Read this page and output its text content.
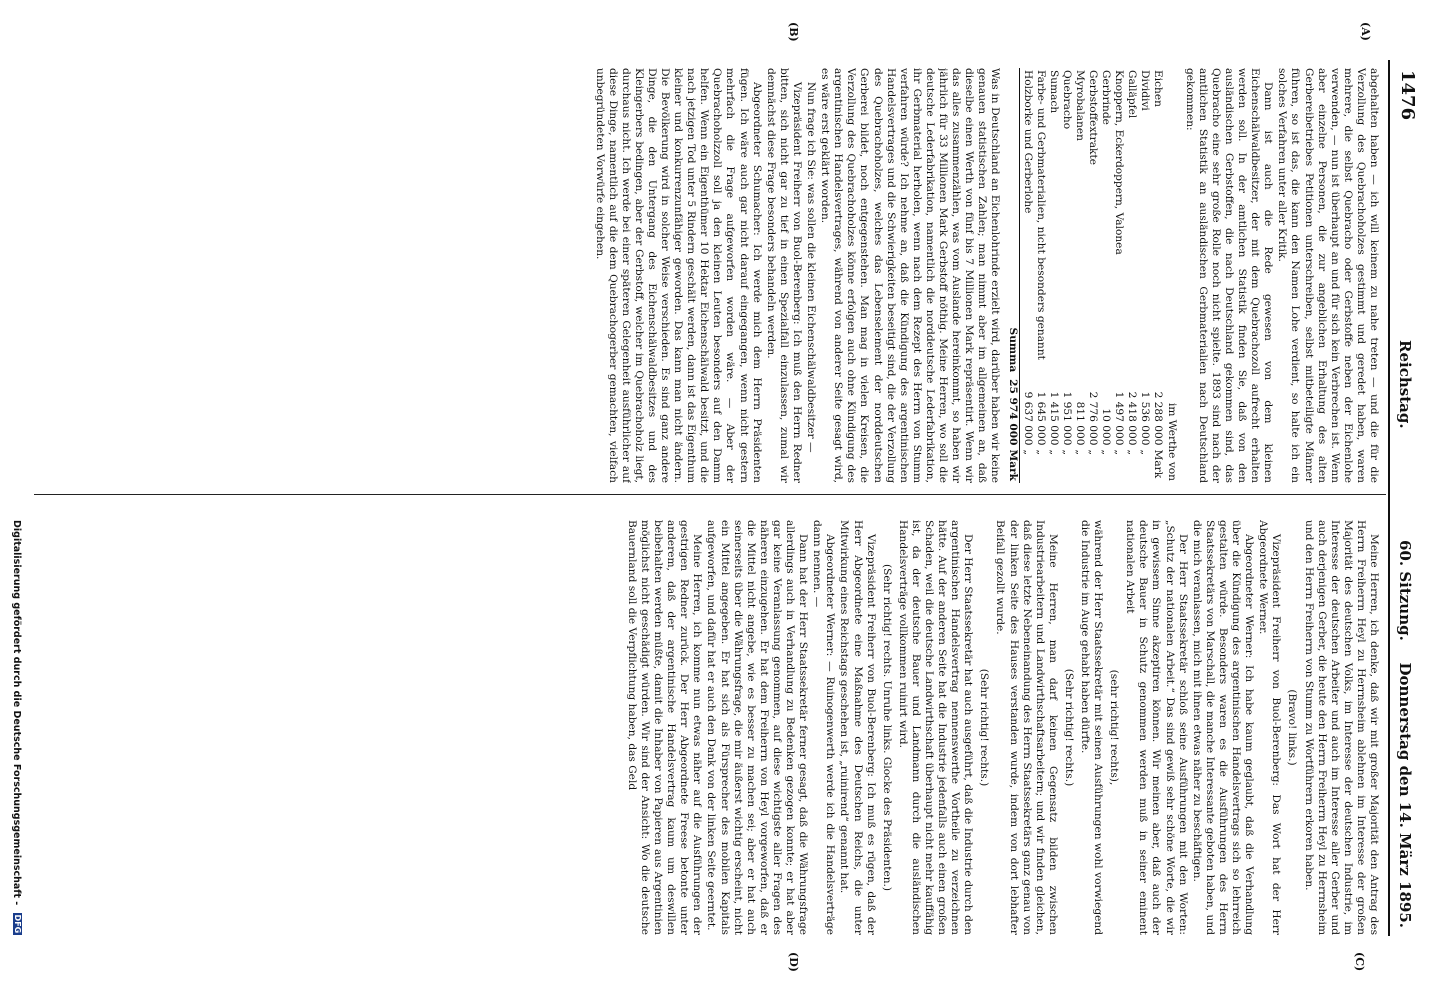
1476
Reichstag.
60. Sitzung.
Donnerstag den 14. März 1895.
(A)
(B)
(C)
(D)

abgehalten haben — ich will keinem zu nahe treten — und die für die Verzollung des Quebrachoholzes gestimmt und geredet haben, waren mehrere, die selbst Quebracho oder Gerbstoffe neben der Eichenlohe verwenden, — nun ist überhaupt an und für sich kein Verbrechen ist. Wenn aber einzelne Personen, die zur angeblichen Erhaltung des alten Gerbereibetriebes Petitionen unterschreiben, selbst mitbeteiligte Männer führen, so ist das, die kann den Namen Lohe verdient, so halte ich ein solches Verfahren unter aller Kritik.

Dann ist auch die Rede gewesen von dem kleinen Eichenschälwaldbesitzer, der mit dem Quebrachozoll aufrecht erhalten werden soll. In der amtlichen Statistik finden Sie, daß von den ausländischen Gerbstoffen, die nach Deutschland gekommen sind, das Quebracho eine sehr große Rolle noch nicht spielte. 1893 sind nach der amtlichen Statistik an ausländischen Gerbmaterialien nach Deutschland gekommen:

	im Werthe von	
Eichen	2 288 000	Mark
Dividivi	1 536 000	„
Galläpfel	2 418 000	„
Knoppern, Eckerdoppern, Valonea	1 497 000	„
Gerbrinde	10 000	„
Gerbstoffextrakte	2 776 000	„
Myrobalanen	811 000	„
Quebracho	1 951 000	„
Sumach	1 415 000	„
Farbe- und Gerbmaterialien, nicht besonders genannt	1 645 000	„
Holzborke und Gerberlohe	9 637 000	„
Summa	25 974 000	Mark

Was in Deutschland an Eichenlohrinde erzielt wird, darüber haben wir keine genauen statistischen Zahlen; man nimmt aber im allgemeinen an, daß dieselbe einen Werth von fünf bis 7 Millionen Mark repräsentirt. Wenn wir das alles zusammenzählen, was vom Auslande hereinkommt, so haben wir jährlich für 33 Millionen Mark Gerbstoff nöthig. Meine Herren, wo soll die deutsche Lederfabrikation, namentlich die norddeutsche Lederfabrikation, ihr Gerbmaterial herholen, wenn nach dem Rezept des Herrn von Stumm verfahren würde? Ich nehme an, daß die Kündigung des argentinischen Handelsvertrages und die Schwierigkeiten beseitigt sind, die der Verzollung des Quebrachoholzes, welches das Lebenselement der norddeutschen Gerberei bildet, noch entgegenstehen. Man mag in vielen Kreisen, die Verzollung des Quebrachoholzes könne erfolgen auch ohne Kündigung des argentinischen Handelsvertrages, während von anderer Seite gesagt wird, es wäre erst geklärt worden.

Nun frage ich Sie: was sollen die kleinen Eichenschälwaldbesitzer —

Vizepräsident Freiherr von Buol-Berenberg: Ich muß den Herrn Redner bitten, sich nicht gar zu tief in einen Spezialfall einzulassen, zumal wir demnächst diese Frage besonders behandeln werden.

Abgeordneter Schumacher: Ich werde mich dem Herrn Präsidenten fügen. Ich wäre auch gar nicht darauf eingegangen, wenn nicht gestern mehrfach die Frage aufgeworfen worden wäre. — Aber der Quebrachoholzzoll soll ja den kleinen Leuten besonders auf den Damm helfen. Wenn ein Eigenthümer 10 Hektar Eichenschälwald besitzt, und die nach jetzigen Tod unter 5 Rindern geschält werden, dann ist das Eigenthum kleiner und konkurrenzunfähiger geworden. Das kann man nicht ändern. Die Bevölkerung wird in solcher Weise verschieden. Es sind ganz andere Dinge, die den Untergang des Eichenschälwaldbesitzes und des Kleingerbers bedingen, aber der Gerbstoff, welcher im Quebrachoholz liegt, durchaus nicht. Ich werde bei einer späteren Gelegenheit ausführlicher auf diese Dinge, namentlich auf die dem Quebrachogerber gemachten, vielfach unbegründeten Vorwürfe eingehen.

Meine Herren, ich denke, daß wir mit großer Majorität den Antrag des Herrn Freiherrn Heyl zu Herrnsheim ablehnen im Interesse der großen Majorität des deutschen Volks, im Interesse der deutschen Industrie, im Interesse der deutschen Arbeiter und auch im Interesse aller Gerber und auch derjenigen Gerber, die heute den Herrn Freiherrn Heyl zu Herrnsheim und den Herrn Freiherrn von Stumm zu Wortführern erkoren haben.

(Bravo! links.)

Vizepräsident Freiherr von Buol-Berenberg: Das Wort hat der Herr Abgeordnete Werner.

Abgeordneter Werner: Ich habe kaum geglaubt, daß die Verhandlung über die Kündigung des argentinischen Handelsvertrags sich so lehrreich gestalten würde. Besonders waren es die Ausführungen des Herrn Staatssekretärs von Marschall, die manche Interessante geboten haben, und die mich veranlassen, mich mit ihnen etwas näher zu beschäftigen.

Der Herr Staatssekretär schloß seine Ausführungen mit den Worten: „Schutz der nationalen Arbeit.“ Das sind gewiß sehr schöne Worte, die wir in gewissem Sinne akzeptiren können. Wir meinen aber, daß auch der deutsche Bauer in Schutz genommen werden muß in seiner eminent nationalen Arbeit

(sehr richtig! rechts),

während der Herr Staatssekretär mit seinen Ausführungen wohl vorwiegend die Industrie im Auge gehabt haben dürfte.

(Sehr richtig! rechts.)

Meine Herren, man darf keinen Gegensatz bilden zwischen Industriearbeitern und Landwirthschaftsarbeitern; und wir finden gleichen, daß diese letzte Nebeneinandung des Herrn Staatssekretärs ganz genau von der linken Seite des Hauses verstanden wurde, indem von dort lebhafter Beifall gezollt wurde.

(Sehr richtig! rechts.)

Der Herr Staatssekretär hat auch ausgeführt, daß die Industrie durch den argentinischen Handelsvertrag nennenswerthe Vortheile zu verzeichnen hätte. Auf der anderen Seite hat die Industrie jedenfalls auch einen großen Schaden, weil die deutsche Landwirthschaft überhaupt nicht mehr kauffähig ist, da der deutsche Bauer und Landmann durch die ausländischen Handelsverträge vollkommen ruinirt wird.

(Sehr richtig! rechts. Unruhe links. Glocke des Präsidenten.)

Vizepräsident Freiherr von Buol-Berenberg: Ich muß es rügen, daß der Herr Abgeordnete eine Maßnahme des Deutschen Reichs, die unter Mitwirkung eines Reichstags geschehen ist, „ruinirend“ genannt hat.

Abgeordneter Werner: — Ruinogenwerth werde ich die Handelsverträge dann nennen. —

Dann hat der Herr Staatssekretär ferner gesagt, daß die Währungsfrage allerdings auch in Verhandlung zu Bedenken gezogen konnte; er hat aber gar keine Veranlassung genommen, auf diese wichtigste aller Fragen des näheren einzugehen. Er hat dem Freiherrn von Heyl vorgeworfen, daß er die Mittel nicht angebe, wie es besser zu machen sei; aber er hat auch seinerseits über die Währungsfrage, die mir äußerst wichtig erscheint, nicht ein Mittel angegeben. Er hat sich als Fürsprecher des mobilen Kapitals aufgeworfen, und dafür hat er auch den Dank von der linken Seite geerntet.

Meine Herren, ich komme nun etwas näher auf die Ausführungen der gestrigen Redner zurück. Der Herr Abgeordnete Freese betonte unter anderem, daß der argentinische Handelsvertrag kaum um deswillen beibehalten werden müßte, damit die Inhaber von Papieren aus Argentinien möglichst nicht geschädigt würden. Wir sind der Ansicht: Wo die deutsche Bauernland soll die Verpflichtung haben, das Geld

Digitalisierung gefördert durch die Deutsche Forschungsgemeinschaft - DFG
